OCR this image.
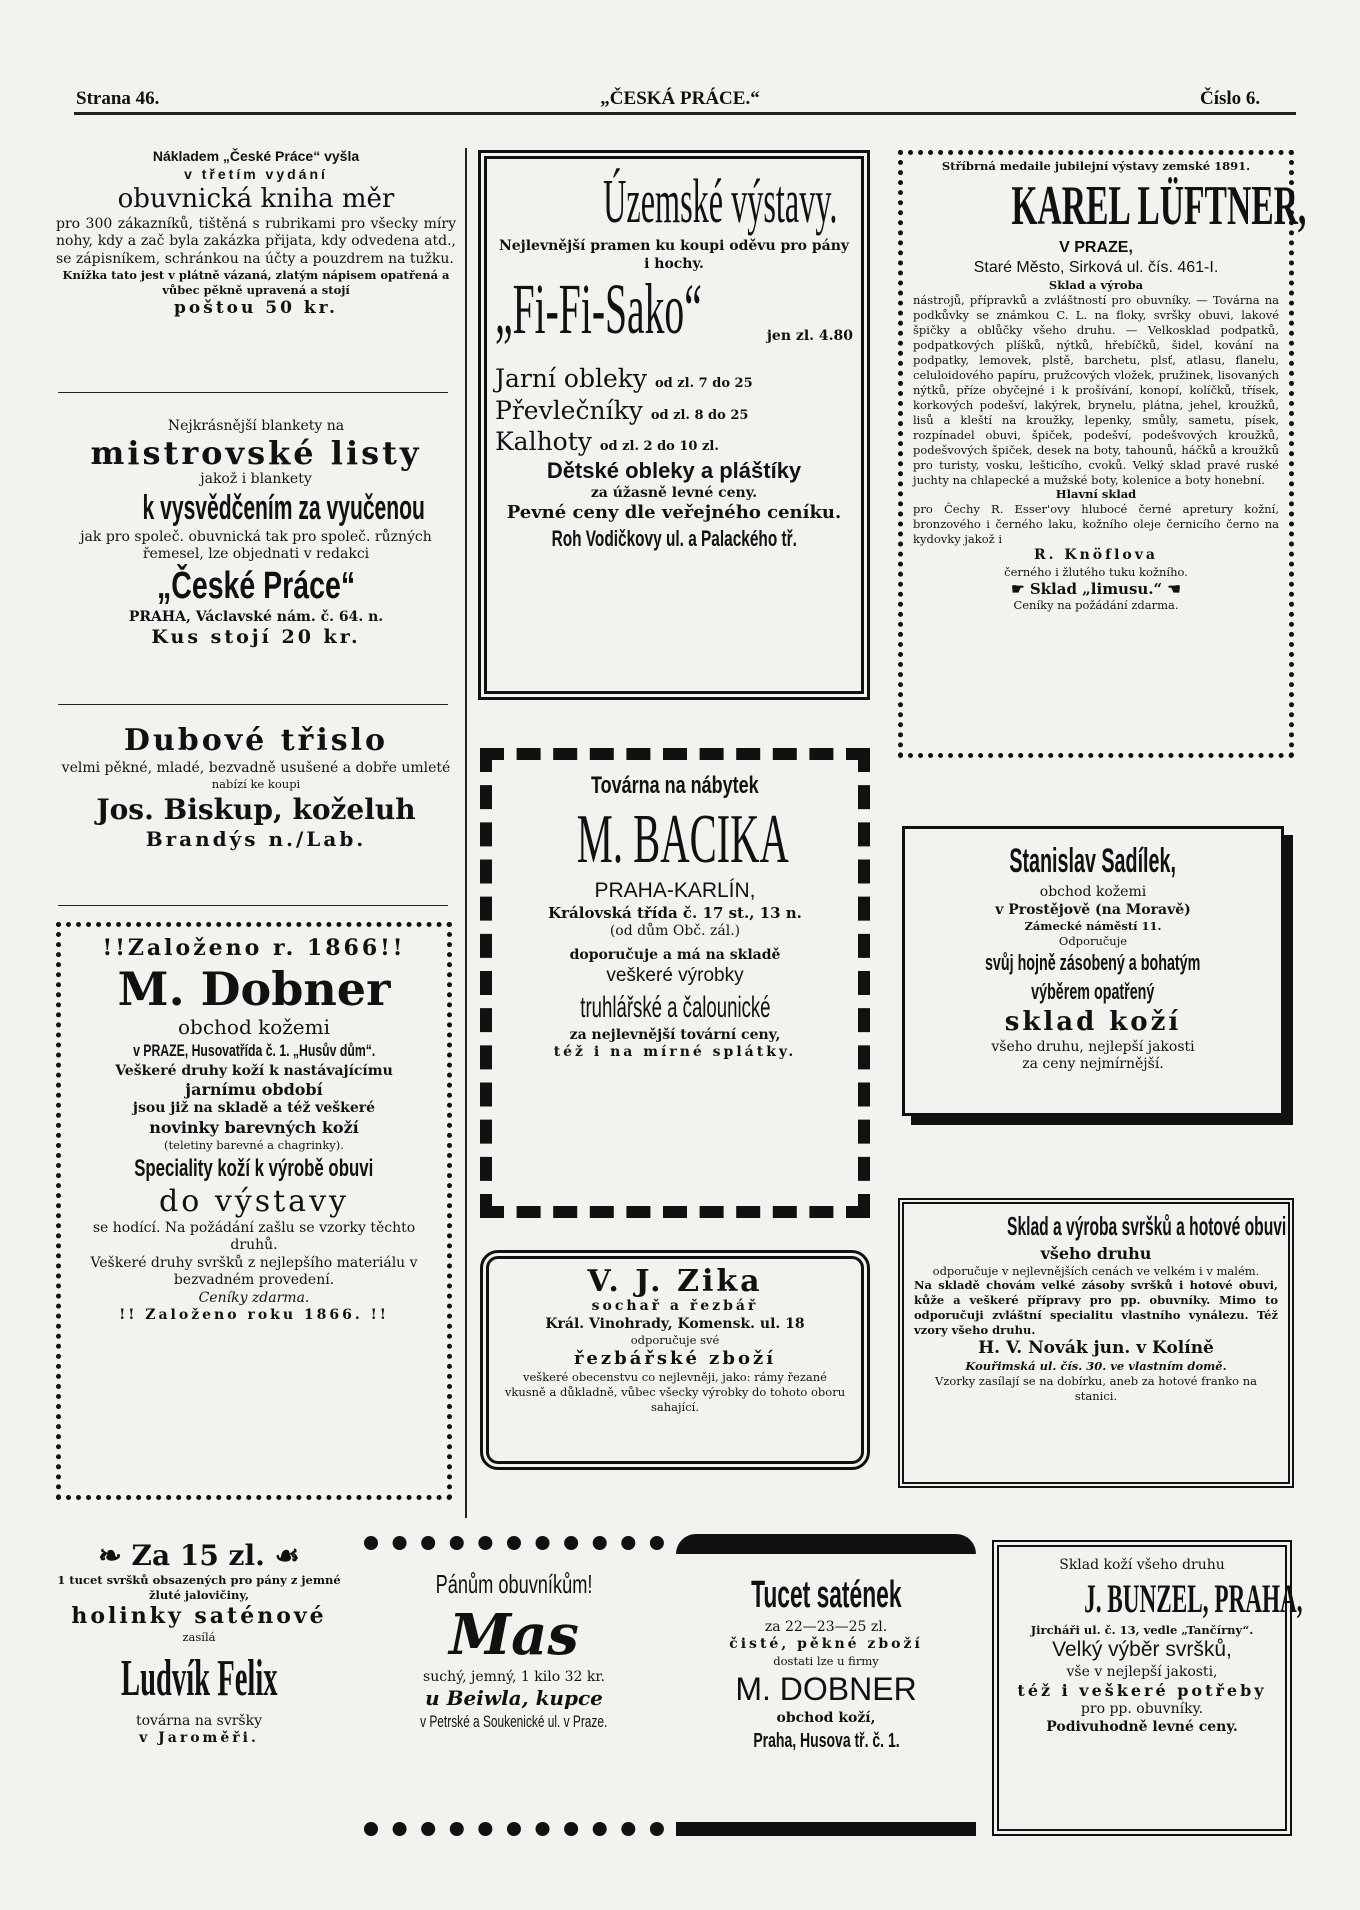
Strana 46.	„ČESKÁ PRÁCE.“	Číslo 6.
Nákladem „České Práce“ vyšla
v třetím vydání
obuvnická kniha měr
pro 300 zákazníků, tištěná s rubrikami pro všecky míry nohy, kdy a zač byla zakázka přijata, kdy odvedena atd., se zápisníkem, schránkou na účty a pouzdrem na tužku.
Knížka tato jest v plátně vázaná, zlatým nápisem opatřená a vůbec pěkně upravená a stojí
poštou 50 kr.
Nejkrásnější blankety na
mistrovské listy
jakož i blankety
k vysvědčením za vyučenou
jak pro společ. obuvnická tak pro společ. různých řemesel, lze objednati v redakci
„České Práce“
PRAHA, Václavské nám. č. 64. n.
Kus stojí 20 kr.
Dubové třislo
velmi pěkné, mladé, bezvadně usušené a dobře umleté
nabízí ke koupi
Jos. Biskup, koželuh
Brandýs n./Lab.
!!Založeno r. 1866!!
M. Dobner
obchod kožemi
v PRAZE, Husovatřída č. 1. „Husův dům“.
Veškeré druhy koží k nastávajícímu
jarnímu období
jsou již na skladě a též veškeré
novinky barevných koží
(teletiny barevné a chagrinky).
Speciality koží k výrobě obuvi
do výstavy
se hodící. Na požádání zašlu se vzorky těchto druhů.
Veškeré druhy svršků z nejlepšího materiálu v bezvadném provedení.
Ceníky zdarma.
!! Založeno roku 1866. !!
Územské výstavy.
Nejlevnější pramen ku koupi oděvu pro pány i hochy.
„Fi-Fi-Sako“	jen zl. 4.80
Jarní obleky od zl. 7 do 25
Převlečníky od zl. 8 do 25
Kalhoty od zl. 2 do 10 zl.
Dětské obleky a pláštíky
za úžasně levné ceny.
Pevné ceny dle veřejného ceníku.
Roh Vodičkovy ul. a Palackého tř.
Továrna na nábytek
M. BACIKA
PRAHA-KARLÍN,
Královská třída č. 17 st., 13 n.
(od dům Obč. zál.)
doporučuje a má na skladě
veškeré výrobky
truhlářské a čalounické
za nejlevnější tovární ceny,
též i na mírné splátky.
V. J. Zika
sochař a řezbář
Král. Vinohrady, Komensk. ul. 18
odporučuje své
řezbářské zboží
veškeré obecenstvu co nejlevněji, jako: rámy řezané vkusně a důkladně, vůbec všecky výrobky do tohoto oboru sahající.
Stříbrná medaile jubilejní výstavy zemské 1891.
KAREL LÜFTNER,
V PRAZE,
Staré Město, Sirková ul. čís. 461-I.
Sklad a výroba
nástrojů, přípravků a zvláštností pro obuvníky. — Továrna na podkůvky se známkou C. L. na floky, svršky obuvi, lakové špičky a oblůčky všeho druhu. — Velkosklad podpatků, podpatkových plíšků, nýtků, hřebíčků, šidel, kování na podpatky, lemovek, plstě, barchetu, plsť, atlasu, flanelu, celuloidového papíru, pružcových vložek, pružinek, lisovaných nýtků, příze obyčejné i k prošívání, konopí, kolíčků, třísek, korkových podešví, lakýrek, brynelu, plátna, jehel, kroužků, lisů a kleští na kroužky, lepenky, smůly, sametu, písek, rozpínadel obuvi, špiček, podešví, podešvových kroužků, podešvových špiček, desek na boty, tahounů, háčků a kroužků pro turisty, vosku, lešticího, cvoků. Velký sklad pravé ruské juchty na chlapecké a mužské boty, kolenice a boty honební.
Hlavní sklad
pro Čechy R. Esser'ovy hlubocé černé apretury kožní, bronzového i černého laku, kožního oleje černicího černo na kydovky jakož i
R. Knöflova
černého i žlutého tuku kožního.
☛ Sklad „limusu.“ ☚
Ceníky na požádání zdarma.
Stanislav Sadílek,
obchod kožemi
v Prostějově (na Moravě)
Zámecké náměstí 11.
Odporučuje
svůj hojně zásobený a bohatým
výběrem opatřený
sklad koží
všeho druhu, nejlepší jakosti
za ceny nejmírnější.
Sklad a výroba svršků a hotové obuvi
všeho druhu
odporučuje v nejlevnějších cenách ve velkém i v malém.
Na skladě chovám velké zásoby svršků i hotové obuvi, kůže a veškeré přípravy pro pp. obuvníky. Mimo to odporučuji zvláštní specialitu vlastního vynálezu. Též vzory všeho druhu.
H. V. Novák jun. v Kolíně
Kouřimská ul. čís. 30. ve vlastním domě.
Vzorky zasílají se na dobírku, aneb za hotové franko na stanici.
❧ Za 15 zl. ☙
1 tucet svršků obsazených pro pány z jemné žluté jalovičiny,
holinky saténové
zasílá
Ludvík Felix
továrna na svršky
v Jaroměři.
Pánům obuvníkům!
Mas
suchý, jemný, 1 kilo 32 kr.
u Beiwla, kupce
v Petrské a Soukenické ul. v Praze.
Tucet satének
za 22—23—25 zl.
čisté, pěkné zboží
dostati lze u firmy
M. DOBNER
obchod koží,
Praha, Husova tř. č. 1.
Sklad koží všeho druhu
J. BUNZEL, PRAHA,
Jircháři ul. č. 13, vedle „Tančírny“.
Velký výběr svršků,
vše v nejlepší jakosti,
též i veškeré potřeby
pro pp. obuvníky.
Podivuhodně levné ceny.
